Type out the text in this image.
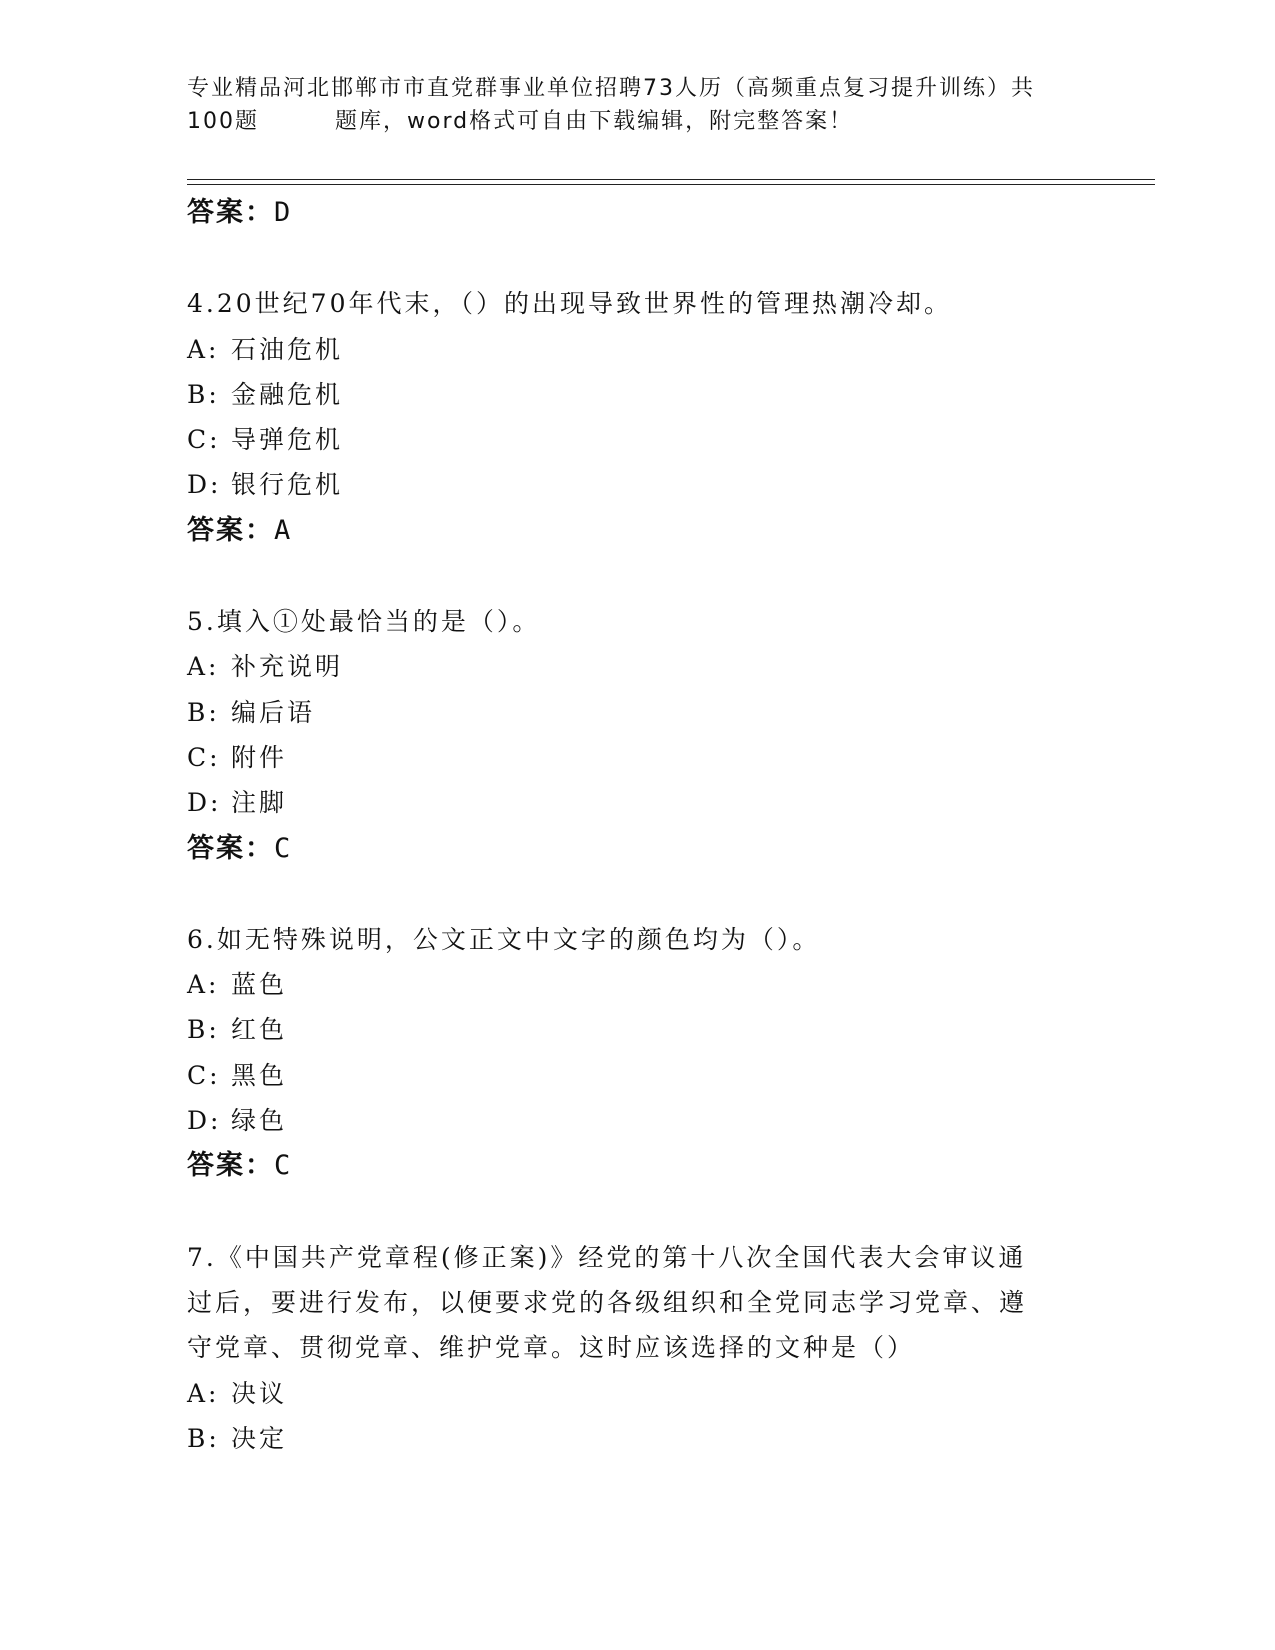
专业精品河北邯郸市市直党群事业单位招聘73人历（高频重点复习提升训练）共
100题	题库，word格式可自由下载编辑，附完整答案！
答案：D
4.20世纪70年代末，（）的出现导致世界性的管理热潮冷却。
A: 石油危机
B: 金融危机
C: 导弹危机
D: 银行危机
答案：A
5.填入①处最恰当的是（）。
A: 补充说明
B: 编后语
C: 附件
D: 注脚
答案：C
6.如无特殊说明，公文正文中文字的颜色均为（）。
A: 蓝色
B: 红色
C: 黑色
D: 绿色
答案：C
7.《中国共产党章程(修正案)》经党的第十八次全国代表大会审议通
过后，要进行发布，以便要求党的各级组织和全党同志学习党章、遵
守党章、贯彻党章、维护党章。这时应该选择的文种是（）
A: 决议
B: 决定
